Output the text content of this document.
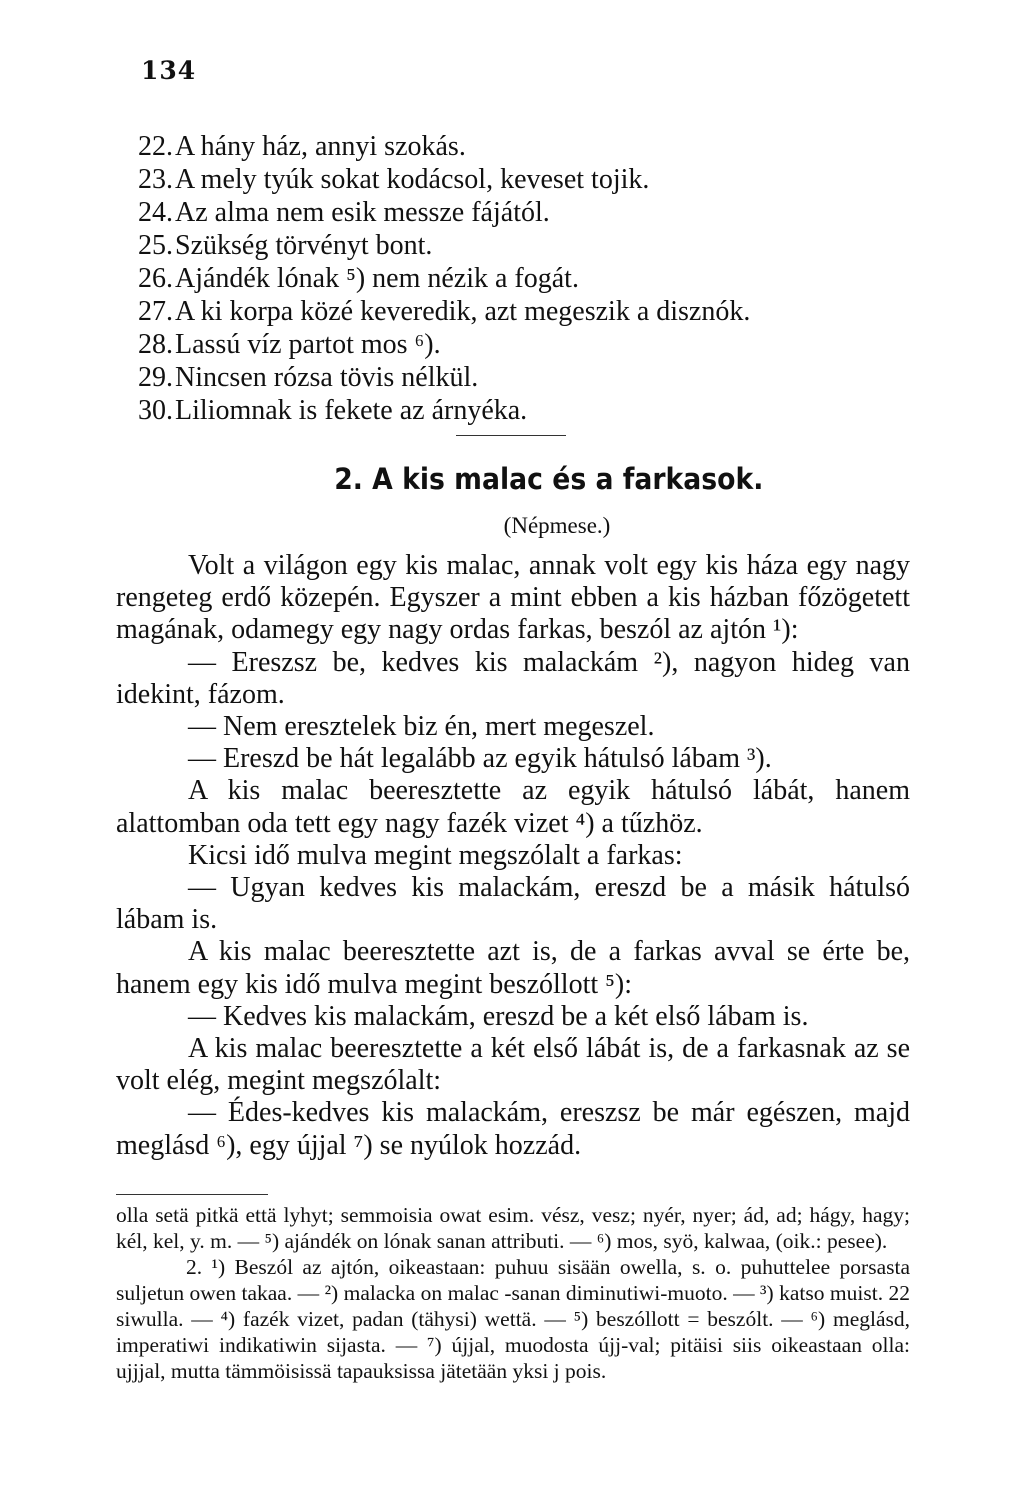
134
22. A hány ház, annyi szokás.
23. A mely tyúk sokat kodácsol, keveset tojik.
24. Az alma nem esik messze fájától.
25. Szükség törvényt bont.
26. Ajándék lónak ⁵) nem nézik a fogát.
27. A ki korpa közé keveredik, azt megeszik a disznók.
28. Lassú víz partot mos ⁶).
29. Nincsen rózsa tövis nélkül.
30. Liliomnak is fekete az árnyéka.
2. A kis malac és a farkasok.
(Népmese.)

Volt a világon egy kis malac, annak volt egy kis háza egy nagy rengeteg erdő közepén. Egyszer a mint ebben a kis házban főzögetett magának, odamegy egy nagy ordas farkas, beszól az ajtón ¹):

— Ereszsz be, kedves kis malackám ²), nagyon hideg van idekint, fázom.

— Nem eresztelek biz én, mert megeszel.

— Ereszd be hát legalább az egyik hátulsó lábam ³).

A kis malac beeresztette az egyik hátulsó lábát, hanem alattomban oda tett egy nagy fazék vizet ⁴) a tűzhöz.

Kicsi idő mulva megint megszólalt a farkas:

— Ugyan kedves kis malackám, ereszd be a másik hátulsó lábam is.

A kis malac beeresztette azt is, de a farkas avval se érte be, hanem egy kis idő mulva megint beszóllott ⁵):

— Kedves kis malackám, ereszd be a két első lábam is.

A kis malac beeresztette a két első lábát is, de a farkasnak az se volt elég, megint megszólalt:

— Édes-kedves kis malackám, ereszsz be már egészen, majd meglásd ⁶), egy újjal ⁷) se nyúlok hozzád.

olla setä pitkä että lyhyt; semmoisia owat esim. vész, vesz; nyér, nyer; ád, ad; hágy, hagy; kél, kel, y. m. — ⁵) ajándék on lónak sanan attributi. — ⁶) mos, syö, kalwaa, (oik.: pesee).

2. ¹) Beszól az ajtón, oikeastaan: puhuu sisään owella, s. o. puhuttelee porsasta suljetun owen takaa. — ²) malacka on malac -sanan diminutiwi-muoto. — ³) katso muist. 22 siwulla. — ⁴) fazék vizet, padan (tähysi) wettä. — ⁵) beszóllott = beszólt. — ⁶) meglásd, imperatiwi indikatiwin sijasta. — ⁷) újjal, muodosta újj-val; pitäisi siis oikeastaan olla: ujjjal, mutta tämmöisissä tapauksissa jätetään yksi j pois.
